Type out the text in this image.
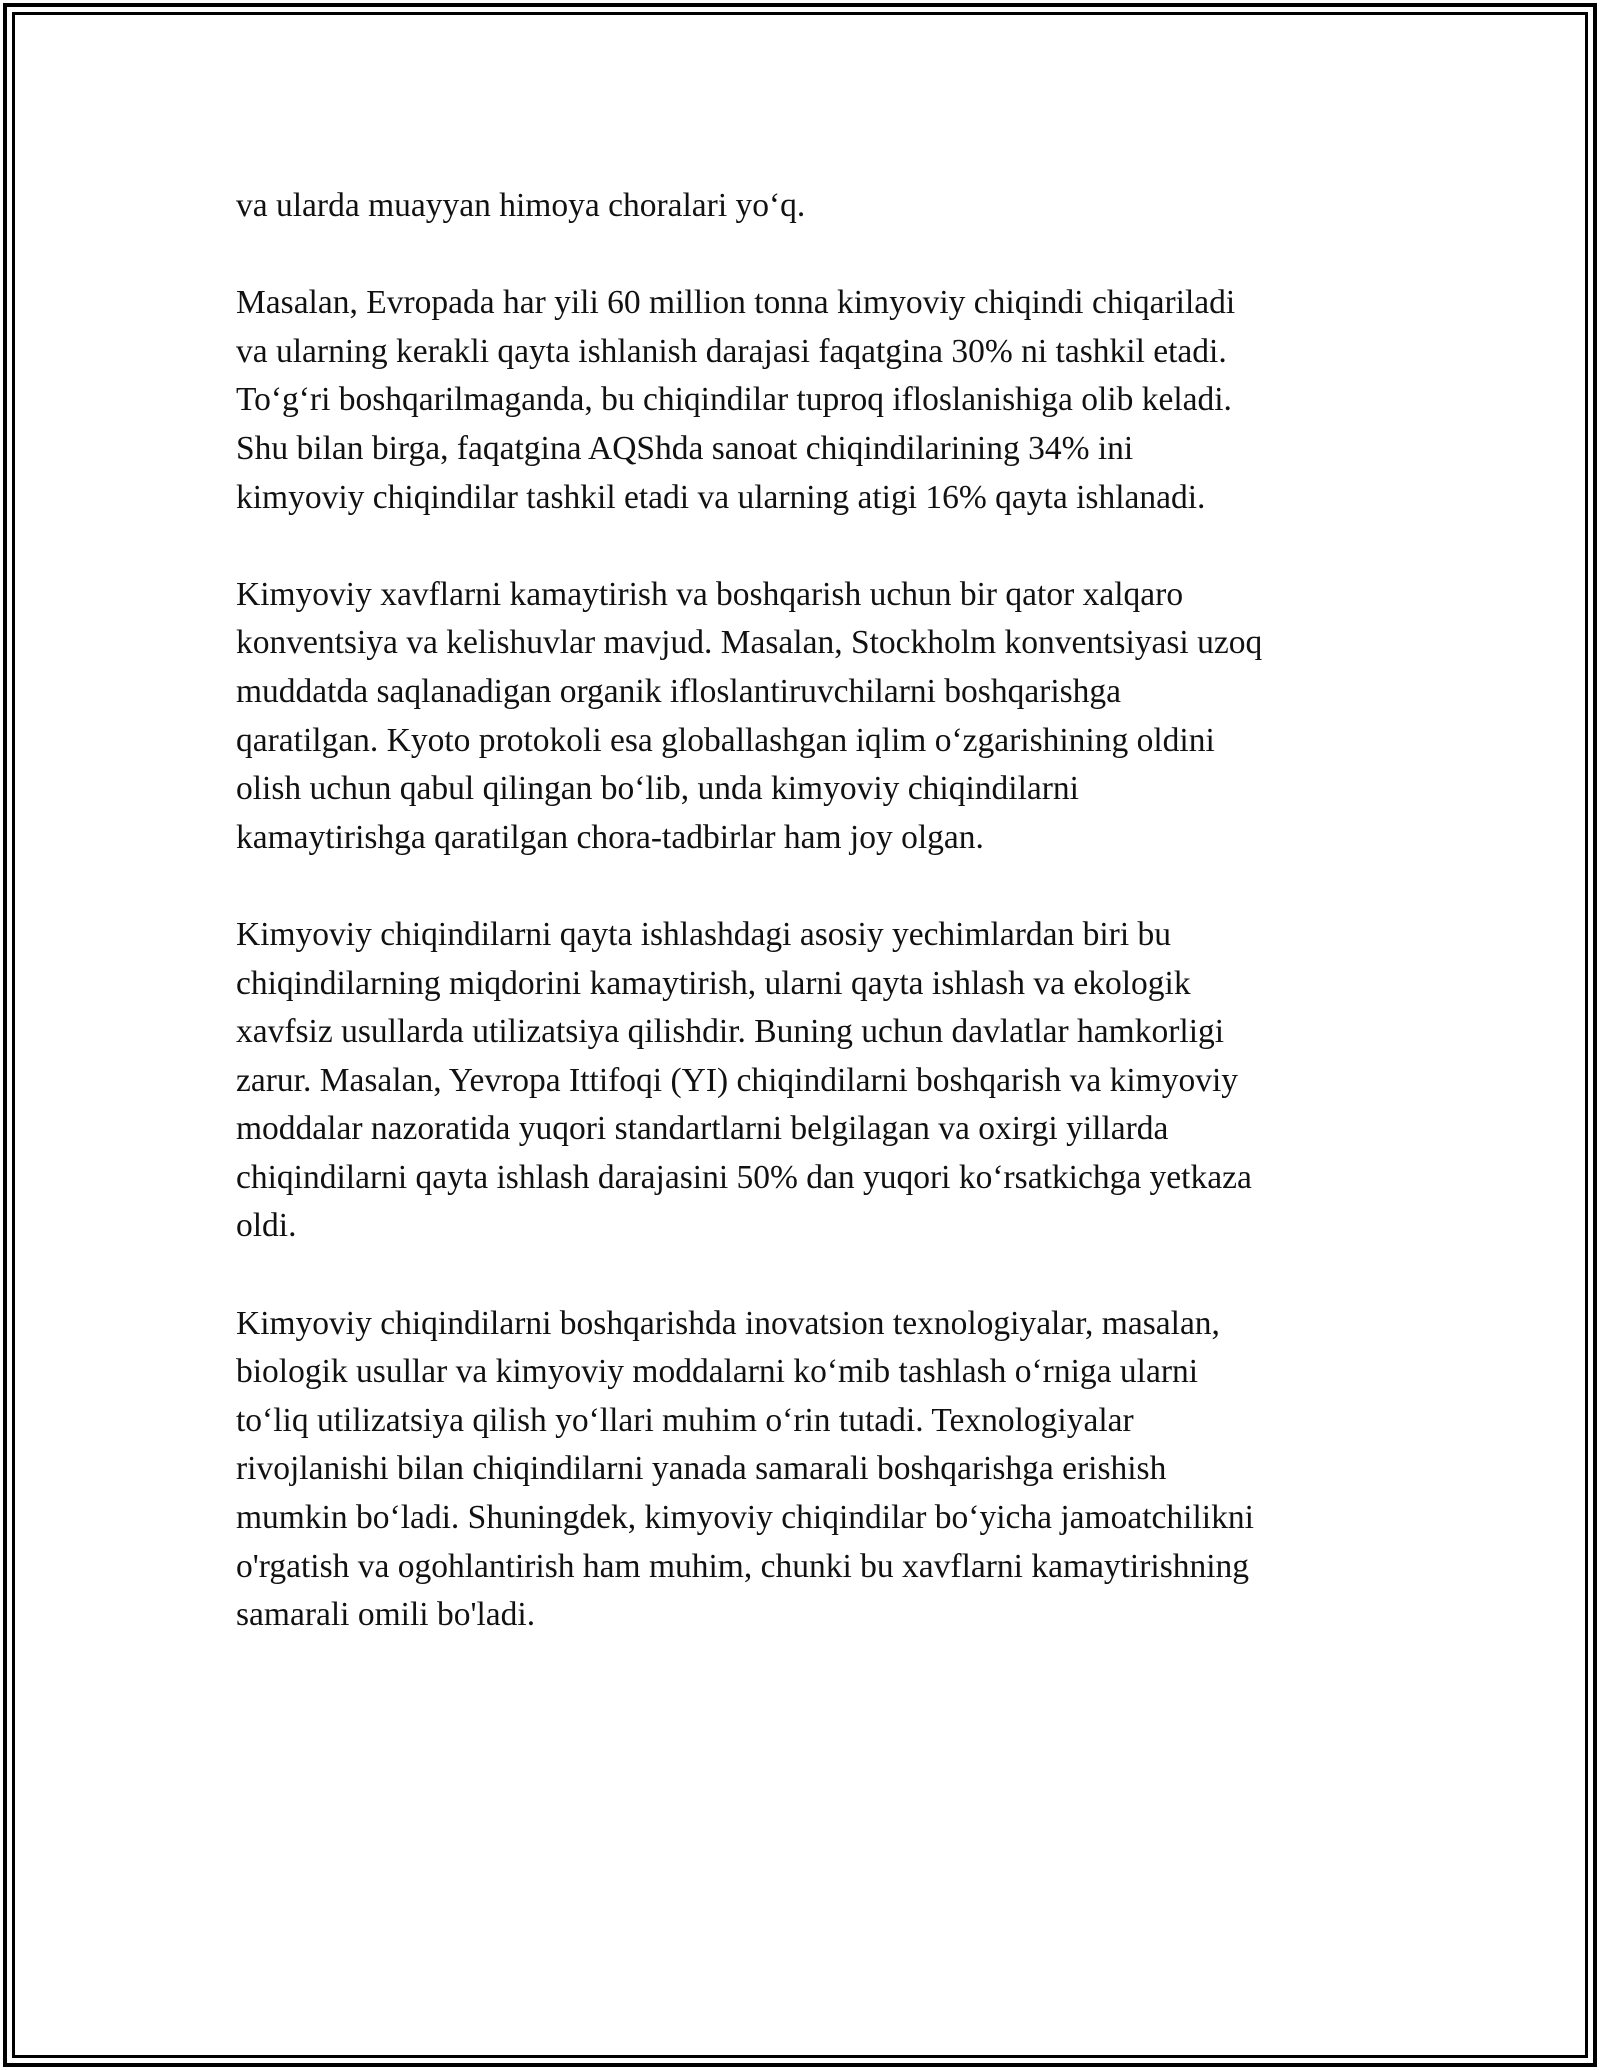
va ularda muayyan himoya choralari yoʻq.

Masalan, Evropada har yili 60 million tonna kimyoviy chiqindi chiqariladi
va ularning kerakli qayta ishlanish darajasi faqatgina 30% ni tashkil etadi.
Toʻgʻri boshqarilmaganda, bu chiqindilar tuproq ifloslanishiga olib keladi.
Shu bilan birga, faqatgina AQShda sanoat chiqindilarining 34% ini
kimyoviy chiqindilar tashkil etadi va ularning atigi 16% qayta ishlanadi.

Kimyoviy xavflarni kamaytirish va boshqarish uchun bir qator xalqaro
konventsiya va kelishuvlar mavjud. Masalan, Stockholm konventsiyasi uzoq
muddatda saqlanadigan organik ifloslantiruvchilarni boshqarishga
qaratilgan. Kyoto protokoli esa globallashgan iqlim oʻzgarishining oldini
olish uchun qabul qilingan boʻlib, unda kimyoviy chiqindilarni
kamaytirishga qaratilgan chora-tadbirlar ham joy olgan.

Kimyoviy chiqindilarni qayta ishlashdagi asosiy yechimlardan biri bu
chiqindilarning miqdorini kamaytirish, ularni qayta ishlash va ekologik
xavfsiz usullarda utilizatsiya qilishdir. Buning uchun davlatlar hamkorligi
zarur. Masalan, Yevropa Ittifoqi (YI) chiqindilarni boshqarish va kimyoviy
moddalar nazoratida yuqori standartlarni belgilagan va oxirgi yillarda
chiqindilarni qayta ishlash darajasini 50% dan yuqori koʻrsatkichga yetkaza
oldi.

Kimyoviy chiqindilarni boshqarishda inovatsion texnologiyalar, masalan,
biologik usullar va kimyoviy moddalarni koʻmib tashlash oʻrniga ularni
toʻliq utilizatsiya qilish yoʻllari muhim oʻrin tutadi. Texnologiyalar
rivojlanishi bilan chiqindilarni yanada samarali boshqarishga erishish
mumkin boʻladi. Shuningdek, kimyoviy chiqindilar boʻyicha jamoatchilikni
o'rgatish va ogohlantirish ham muhim, chunki bu xavflarni kamaytirishning
samarali omili bo'ladi.
